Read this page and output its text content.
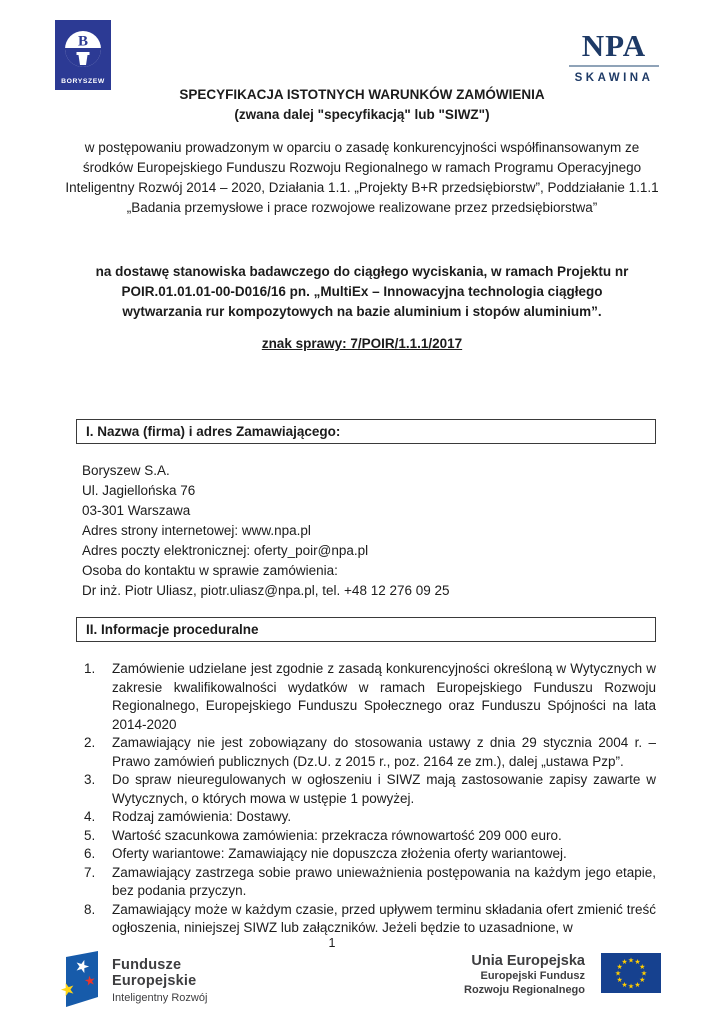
B
BORYSZEW
NPA
SKAWINA
SPECYFIKACJA ISTOTNYCH WARUNKÓW ZAMÓWIENIA
(zwana dalej "specyfikacją" lub "SIWZ")
w postępowaniu prowadzonym w oparciu o zasadę konkurencyjności współfinansowanym ze środków Europejskiego Funduszu Rozwoju Regionalnego w ramach Programu Operacyjnego Inteligentny Rozwój 2014 – 2020, Działania 1.1. „Projekty B+R przedsiębiorstw”, Poddziałanie 1.1.1 „Badania przemysłowe i prace rozwojowe realizowane przez przedsiębiorstwa”
na dostawę stanowiska badawczego do ciągłego wyciskania, w ramach Projektu nr POIR.01.01.01-00-D016/16 pn. „MultiEx – Innowacyjna technologia ciągłego wytwarzania rur kompozytowych na bazie aluminium i stopów aluminium”.
znak sprawy: 7/POIR/1.1.1/2017
I. Nazwa (firma) i adres Zamawiającego:
Boryszew S.A.
Ul. Jagiellońska 76
03-301 Warszawa
Adres strony internetowej: www.npa.pl
Adres poczty elektronicznej: oferty_poir@npa.pl
Osoba do kontaktu w sprawie zamówienia:
Dr inż. Piotr Uliasz, piotr.uliasz@npa.pl, tel. +48 12 276 09 25
II. Informacje proceduralne
1.	Zamówienie udzielane jest zgodnie z zasadą konkurencyjności określoną w Wytycznych w zakresie kwalifikowalności wydatków w ramach Europejskiego Funduszu Rozwoju Regionalnego, Europejskiego Funduszu Społecznego oraz Funduszu Spójności na lata 2014-2020
2.	Zamawiający nie jest zobowiązany do stosowania ustawy z dnia 29 stycznia 2004 r. – Prawo zamówień publicznych (Dz.U. z 2015 r., poz. 2164 ze zm.), dalej „ustawa Pzp”.
3.	Do spraw nieuregulowanych w ogłoszeniu i SIWZ mają zastosowanie zapisy zawarte w Wytycznych, o których mowa w ustępie 1 powyżej.
4.	Rodzaj zamówienia: Dostawy.
5.	Wartość szacunkowa zamówienia: przekracza równowartość 209 000 euro.
6.	Oferty wariantowe: Zamawiający nie dopuszcza złożenia oferty wariantowej.
7.	Zamawiający zastrzega sobie prawo unieważnienia postępowania na każdym jego etapie, bez podania przyczyn.
8.	Zamawiający może w każdym czasie, przed upływem terminu składania ofert zmienić treść ogłoszenia, niniejszej SIWZ lub załączników. Jeżeli będzie to uzasadnione, w
1
★
★
★
Fundusze
Europejskie
Inteligentny Rozwój
Unia Europejska
Europejski Fundusz
Rozwoju Regionalnego
★ ★
★
★
★
★
★
★
★
★
★
★
